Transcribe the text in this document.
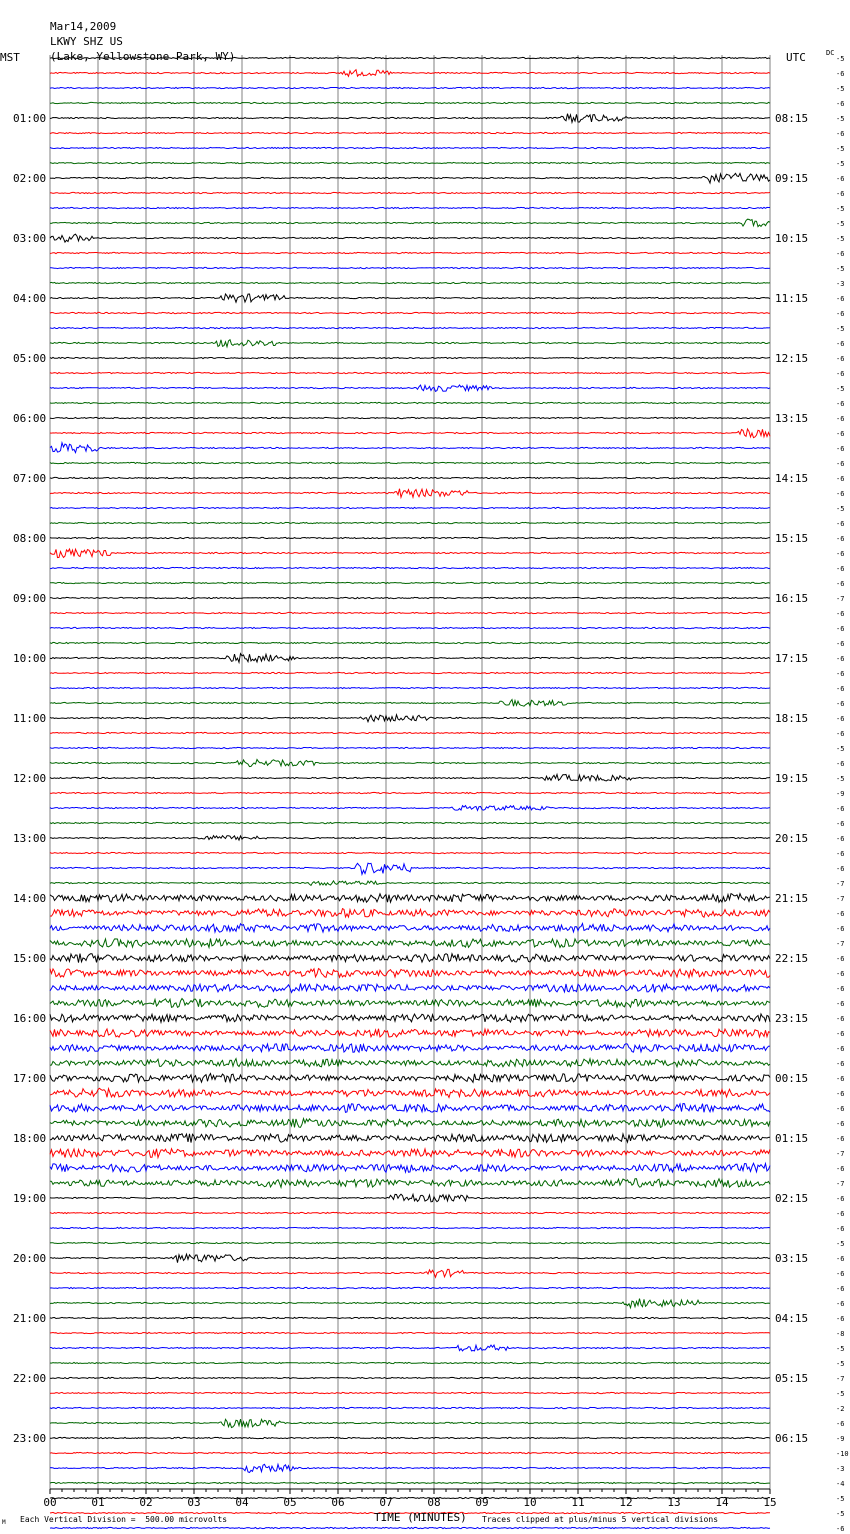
Mar14,2009
LKWY SHZ US
(Lake, Yellowstone Park, WY)

MST	UTC	DC
00	01	02	03	04	05	06	07	08	09	10	11	12	13	14	15
-5
-6
-5
-6
-5
01:00	08:15
-6
-5
-5
-6
02:00	09:15
-6
-5
-5
-5
03:00	10:15
-6
-5
-3
-6
04:00	11:15
-6
-5
-6
-6
05:00	12:15
-6
-5
-6
-6
06:00	13:15
-6
-6
-6
-6
07:00	14:15
-6
-5
-6
-6
08:00	15:15
-6
-6
-6
-7
09:00	16:15
-6
-6
-6
-6
10:00	17:15
-6
-6
-6
-6
11:00	18:15
-6
-5
-6
-5
12:00	19:15
-9
-6
-6
-6
13:00	20:15
-6
-6
-7
-7
14:00	21:15
-6
-6
-7
-6
15:00	22:15
-6
-6
-6
-6
16:00	23:15
-6
-6
-6
-6
17:00	00:15
-6
-6
-6
-6
18:00	01:15
-7
-6
-7
-6
19:00	02:15
-6
-6
-5
-6
20:00	03:15
-6
-6
-6
-6
21:00	04:15
-8
-5
-5
-7
22:00	05:15
-5
-2
-6
-9
23:00	06:15
-10
-3
-4
-5
-5
-6
TIME (MINUTES)
M Each Vertical Division =  500.00 microvolts	Traces clipped at plus/minus 5 vertical divisions
